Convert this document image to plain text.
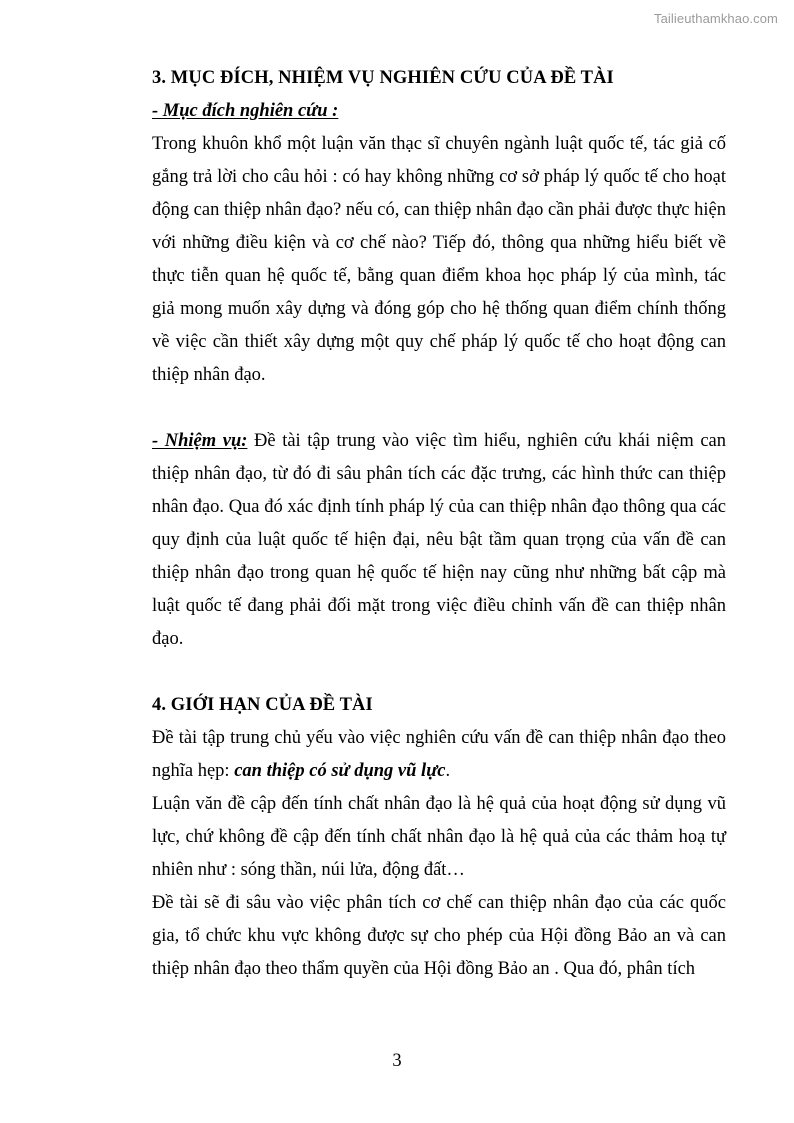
Tailieuthamkhao.com
3. MỤC ĐÍCH, NHIỆM VỤ NGHIÊN CỨU CỦA ĐỀ TÀI
- Mục đích nghiên cứu :

Trong khuôn khổ một luận văn thạc sĩ chuyên ngành luật quốc tế, tác giả cố gắng trả lời cho câu hỏi : có hay không những cơ sở pháp lý quốc tế cho hoạt động can thiệp nhân đạo? nếu có, can thiệp nhân đạo cần phải được thực hiện với những điều kiện và cơ chế nào? Tiếp đó, thông qua những hiểu biết về thực tiễn quan hệ quốc tế, bằng quan điểm khoa học pháp lý của mình, tác giả mong muốn xây dựng và đóng góp cho hệ thống quan điểm chính thống về việc cần thiết xây dựng một quy chế pháp lý quốc tế cho hoạt động can thiệp nhân đạo.

- Nhiệm vụ: Đề tài tập trung vào việc tìm hiểu, nghiên cứu khái niệm can thiệp nhân đạo, từ đó đi sâu phân tích các đặc trưng, các hình thức can thiệp nhân đạo. Qua đó xác định tính pháp lý của can thiệp nhân đạo thông qua các quy định của luật quốc tế hiện đại, nêu bật tầm quan trọng của vấn đề can thiệp nhân đạo trong quan hệ quốc tế hiện nay cũng như những bất cập mà luật quốc tế đang phải đối mặt trong việc điều chỉnh vấn đề can thiệp nhân đạo.

4. GIỚI HẠN CỦA ĐỀ TÀI

Đề tài tập trung chủ yếu vào việc nghiên cứu vấn đề can thiệp nhân đạo theo nghĩa hẹp: can thiệp có sử dụng vũ lực.

Luận văn đề cập đến tính chất nhân đạo là hệ quả của hoạt động sử dụng vũ lực, chứ không đề cập đến tính chất nhân đạo là hệ quả của các thảm hoạ tự nhiên như : sóng thần, núi lửa, động đất…

Đề tài sẽ đi sâu vào việc phân tích cơ chế can thiệp nhân đạo của các quốc gia, tổ chức khu vực không được sự cho phép của Hội đồng Bảo an và can thiệp nhân đạo theo thẩm quyền của Hội đồng Bảo an . Qua đó, phân tích

3
